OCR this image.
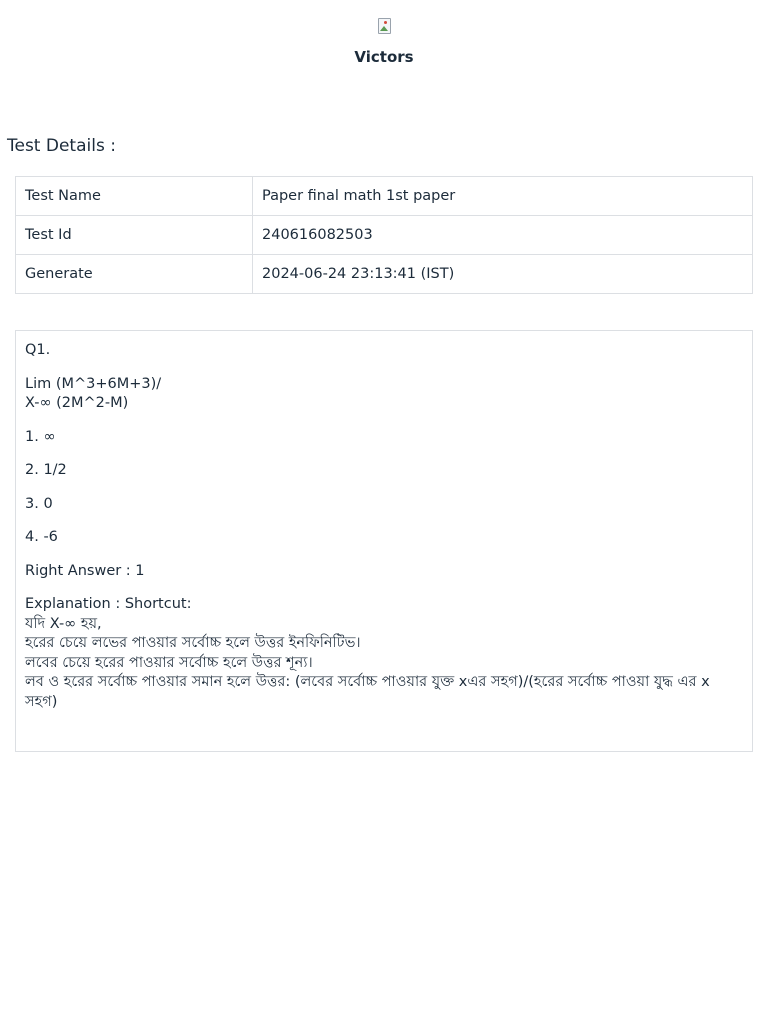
Victors
Test Details :
Test Name	Paper final math 1st paper
Test Id	240616082503
Generate	2024-06-24 23:13:41 (IST)

Q1.

Lim (M^3+6M+3)/
X-∞ (2M^2-M)

1. ∞

2. 1/2

3. 0

4. -6

Right Answer : 1

Explanation : Shortcut:
যদি X-∞ হয়,
হরের চেয়ে লভের পাওয়ার সর্বোচ্চ হলে উত্তর ইনফিনিটিভ।
লবের চেয়ে হরের পাওয়ার সর্বোচ্চ হলে উত্তর শূন্য।
লব ও হরের সর্বোচ্চ পাওয়ার সমান হলে উত্তর: (লবের সর্বোচ্চ পাওয়ার যুক্ত xএর সহগ)/(হরের সর্বোচ্চ পাওয়া যুদ্ধ এর x সহগ)
